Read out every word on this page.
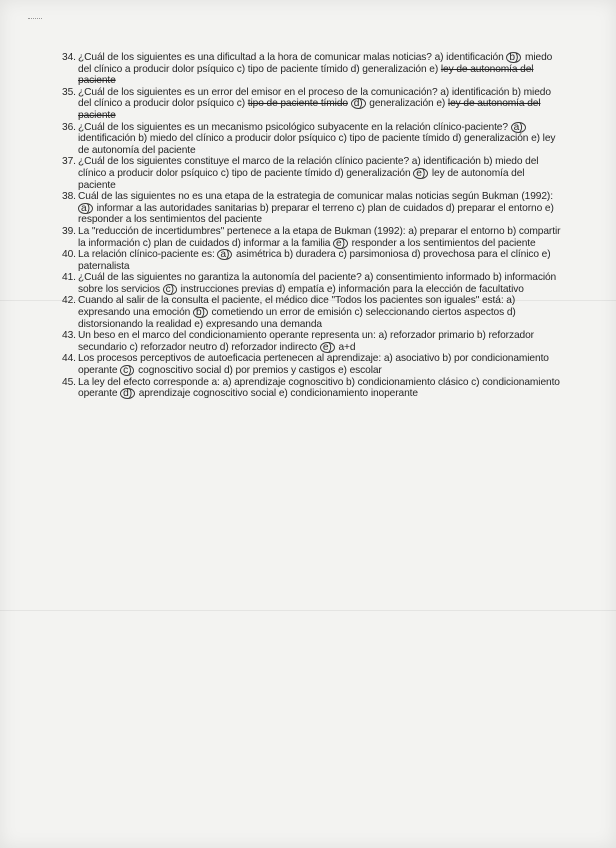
34. ¿Cuál de los siguientes es una dificultad a la hora de comunicar malas noticias? a) identificación b) miedo del clínico a producir dolor psíquico c) tipo de paciente tímido d) generalización e) ley de autonomía del paciente
35. ¿Cuál de los siguientes es un error del emisor en el proceso de la comunicación? a) identificación b) miedo del clínico a producir dolor psíquico c) tipo de paciente tímido d) generalización e) ley de autonomía del paciente
36. ¿Cuál de los siguientes es un mecanismo psicológico subyacente en la relación clínico-paciente? a) identificación b) miedo del clínico a producir dolor psíquico c) tipo de paciente tímido d) generalización e) ley de autonomía del paciente
37. ¿Cuál de los siguientes constituye el marco de la relación clínico paciente? a) identificación b) miedo del clínico a producir dolor psíquico c) tipo de paciente tímido d) generalización e) ley de autonomía del paciente
38. Cuál de las siguientes no es una etapa de la estrategia de comunicar malas noticias según Bukman (1992): a) informar a las autoridades sanitarias b) preparar el terreno c) plan de cuidados d) preparar el entorno e) responder a los sentimientos del paciente
39. La "reducción de incertidumbres" pertenece a la etapa de Bukman (1992): a) preparar el entorno b) compartir la información c) plan de cuidados d) informar a la familia e) responder a los sentimientos del paciente
40. La relación clínico-paciente es: a) asimétrica b) duradera c) parsimoniosa d) provechosa para el clínico e) paternalista
41. ¿Cuál de las siguientes no garantiza la autonomía del paciente? a) consentimiento informado b) información sobre los servicios c) instrucciones previas d) empatía e) información para la elección de facultativo
42. Cuando al salir de la consulta el paciente, el médico dice "Todos los pacientes son iguales" está: a) expresando una emoción b) cometiendo un error de emisión c) seleccionando ciertos aspectos d) distorsionando la realidad e) expresando una demanda
43. Un beso en el marco del condicionamiento operante representa un: a) reforzador primario b) reforzador secundario c) reforzador neutro d) reforzador indirecto e) a+d
44. Los procesos perceptivos de autoeficacia pertenecen al aprendizaje: a) asociativo b) por condicionamiento operante c) cognoscitivo social d) por premios y castigos e) escolar
45. La ley del efecto corresponde a: a) aprendizaje cognoscitivo b) condicionamiento clásico c) condicionamiento operante d) aprendizaje cognoscitivo social e) condicionamiento inoperante
